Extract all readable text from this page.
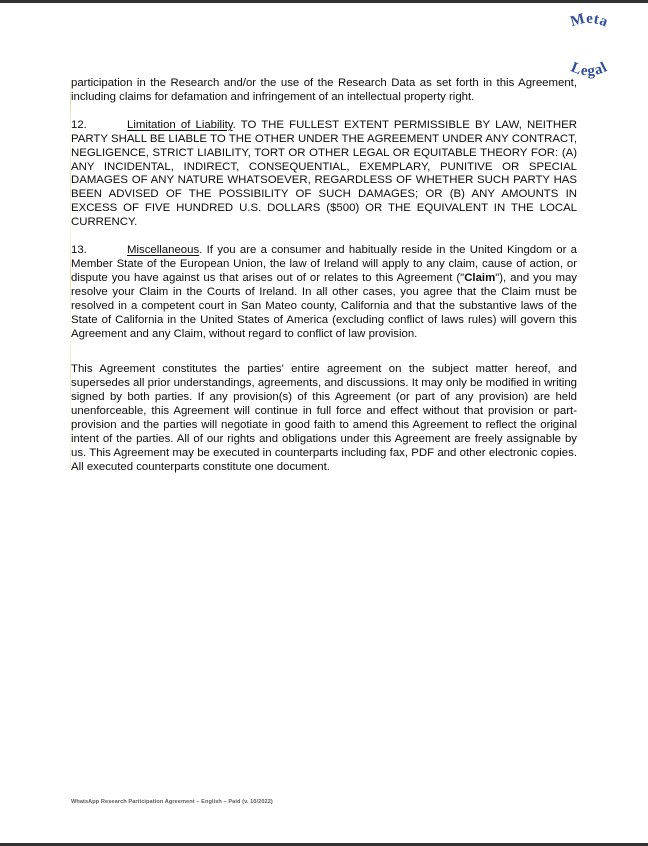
Meta
Legal

participation in the Research and/or the use of the Research Data as set forth in this Agreement, including claims for defamation and infringement of an intellectual property right.

12.	Limitation of Liability. TO THE FULLEST EXTENT PERMISSIBLE BY LAW, NEITHER PARTY SHALL BE LIABLE TO THE OTHER UNDER THE AGREEMENT UNDER ANY CONTRACT, NEGLIGENCE, STRICT LIABILITY, TORT OR OTHER LEGAL OR EQUITABLE THEORY FOR: (A) ANY INCIDENTAL, INDIRECT, CONSEQUENTIAL, EXEMPLARY, PUNITIVE OR SPECIAL DAMAGES OF ANY NATURE WHATSOEVER, REGARDLESS OF WHETHER SUCH PARTY HAS BEEN ADVISED OF THE POSSIBILITY OF SUCH DAMAGES; OR (B) ANY AMOUNTS IN EXCESS OF FIVE HUNDRED U.S. DOLLARS ($500) OR THE EQUIVALENT IN THE LOCAL CURRENCY.

13.	Miscellaneous. If you are a consumer and habitually reside in the United Kingdom or a Member State of the European Union, the law of Ireland will apply to any claim, cause of action, or dispute you have against us that arises out of or relates to this Agreement ("Claim"), and you may resolve your Claim in the Courts of Ireland. In all other cases, you agree that the Claim must be resolved in a competent court in San Mateo county, California and that the substantive laws of the State of California in the United States of America (excluding conflict of laws rules) will govern this Agreement and any Claim, without regard to conflict of law provision.

This Agreement constitutes the parties' entire agreement on the subject matter hereof, and supersedes all prior understandings, agreements, and discussions. It may only be modified in writing signed by both parties. If any provision(s) of this Agreement (or part of any provision) are held unenforceable, this Agreement will continue in full force and effect without that provision or part-provision and the parties will negotiate in good faith to amend this Agreement to reflect the original intent of the parties. All of our rights and obligations under this Agreement are freely assignable by us. This Agreement may be executed in counterparts including fax, PDF and other electronic copies. All executed counterparts constitute one document.

WhatsApp Research Participation Agreement – English – Paid (v. 10/2022)
